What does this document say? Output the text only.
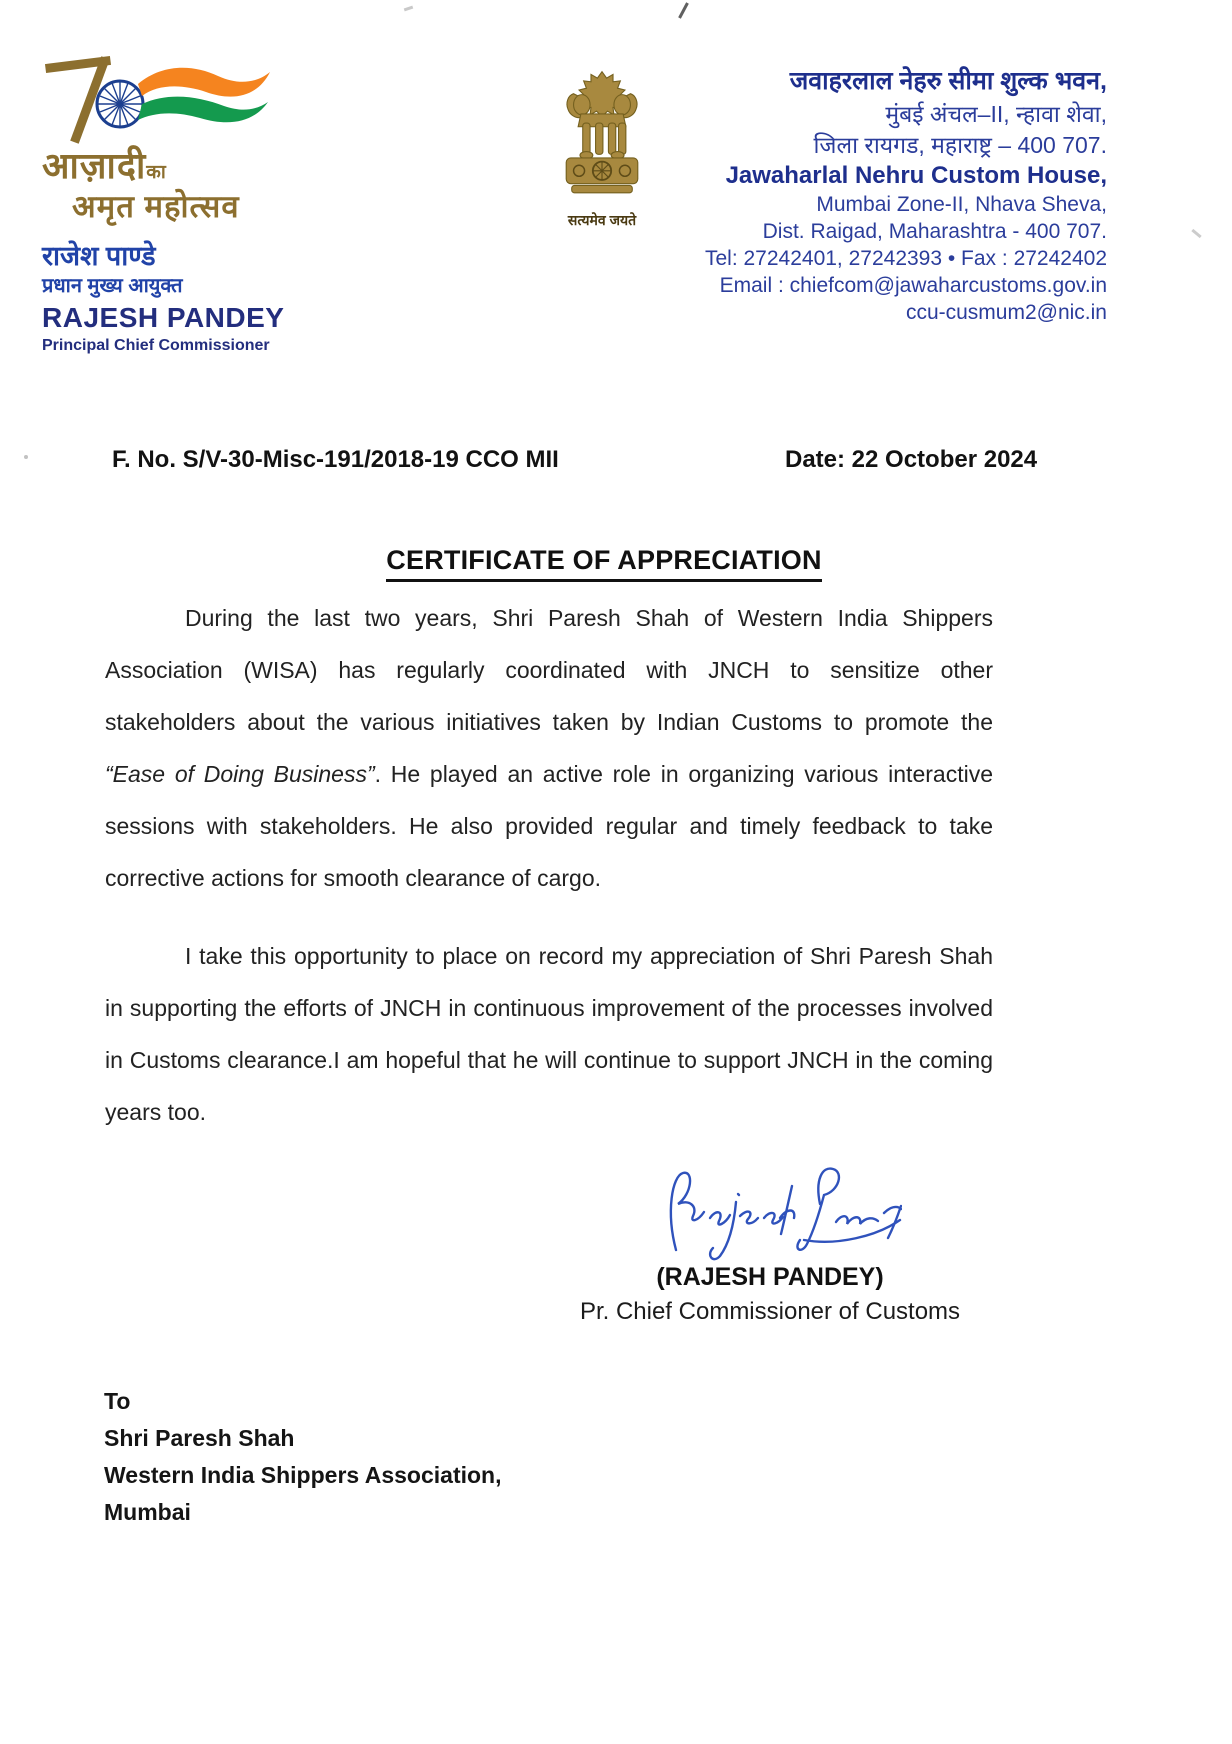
आज़ादीका
अमृत महोत्सव
राजेश पाण्डे
प्रधान मुख्य आयुक्त
RAJESH PANDEY
Principal Chief Commissioner
सत्यमेव जयते
जवाहरलाल नेहरु सीमा शुल्क भवन,
मुंबई अंचल–II, न्हावा शेवा,
जिला रायगड, महाराष्ट्र – 400 707.
Jawaharlal Nehru Custom House,
Mumbai Zone-II, Nhava Sheva,
Dist. Raigad, Maharashtra - 400 707.
Tel: 27242401, 27242393 • Fax : 27242402
Email : chiefcom@jawaharcustoms.gov.in
ccu-cusmum2@nic.in
F. No. S/V-30-Misc-191/2018-19 CCO MII	Date: 22 October 2024
CERTIFICATE OF APPRECIATION
During the last two years, Shri Paresh Shah of Western India Shippers Association (WISA) has regularly coordinated with JNCH to sensitize other stakeholders about the various initiatives taken by Indian Customs to promote the “Ease of Doing Business”. He played an active role in organizing various interactive sessions with stakeholders. He also provided regular and timely feedback to take corrective actions for smooth clearance of cargo.
I take this opportunity to place on record my appreciation of Shri Paresh Shah in supporting the efforts of JNCH in continuous improvement of the processes involved in Customs clearance.I am hopeful that he will continue to support JNCH in the coming years too.
(RAJESH PANDEY)
Pr. Chief Commissioner of Customs
To
Shri Paresh Shah
Western India Shippers Association,
Mumbai
